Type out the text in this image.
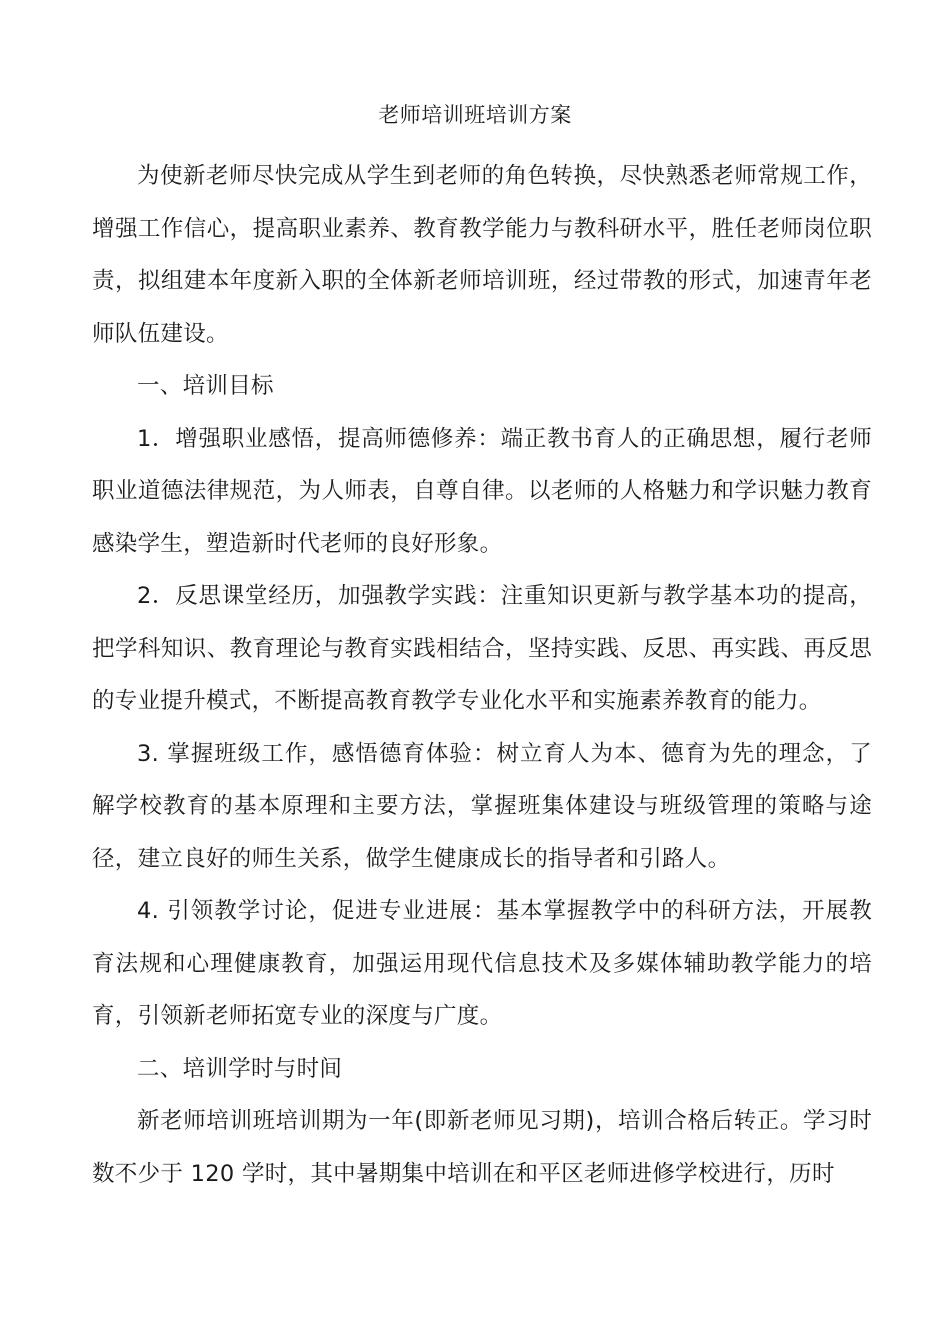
老师培训班培训方案

为使新老师尽快完成从学生到老师的角色转换，尽快熟悉老师常规工作，增强工作信心，提高职业素养、教育教学能力与教科研水平，胜任老师岗位职责，拟组建本年度新入职的全体新老师培训班，经过带教的形式，加速青年老师队伍建设。

一、培训目标

1．增强职业感悟，提高师德修养：端正教书育人的正确思想，履行老师职业道德法律规范，为人师表，自尊自律。以老师的人格魅力和学识魅力教育感染学生，塑造新时代老师的良好形象。

2．反思课堂经历，加强教学实践：注重知识更新与教学基本功的提高，把学科知识、教育理论与教育实践相结合，坚持实践、反思、再实践、再反思的专业提升模式，不断提高教育教学专业化水平和实施素养教育的能力。

3. 掌握班级工作，感悟德育体验：树立育人为本、德育为先的理念，了解学校教育的基本原理和主要方法，掌握班集体建设与班级管理的策略与途径，建立良好的师生关系，做学生健康成长的指导者和引路人。

4. 引领教学讨论，促进专业进展：基本掌握教学中的科研方法，开展教育法规和心理健康教育，加强运用现代信息技术及多媒体辅助教学能力的培育，引领新老师拓宽专业的深度与广度。

二、培训学时与时间

新老师培训班培训期为一年(即新老师见习期)，培训合格后转正。学习时数不少于 120 学时，其中暑期集中培训在和平区老师进修学校进行，历时
